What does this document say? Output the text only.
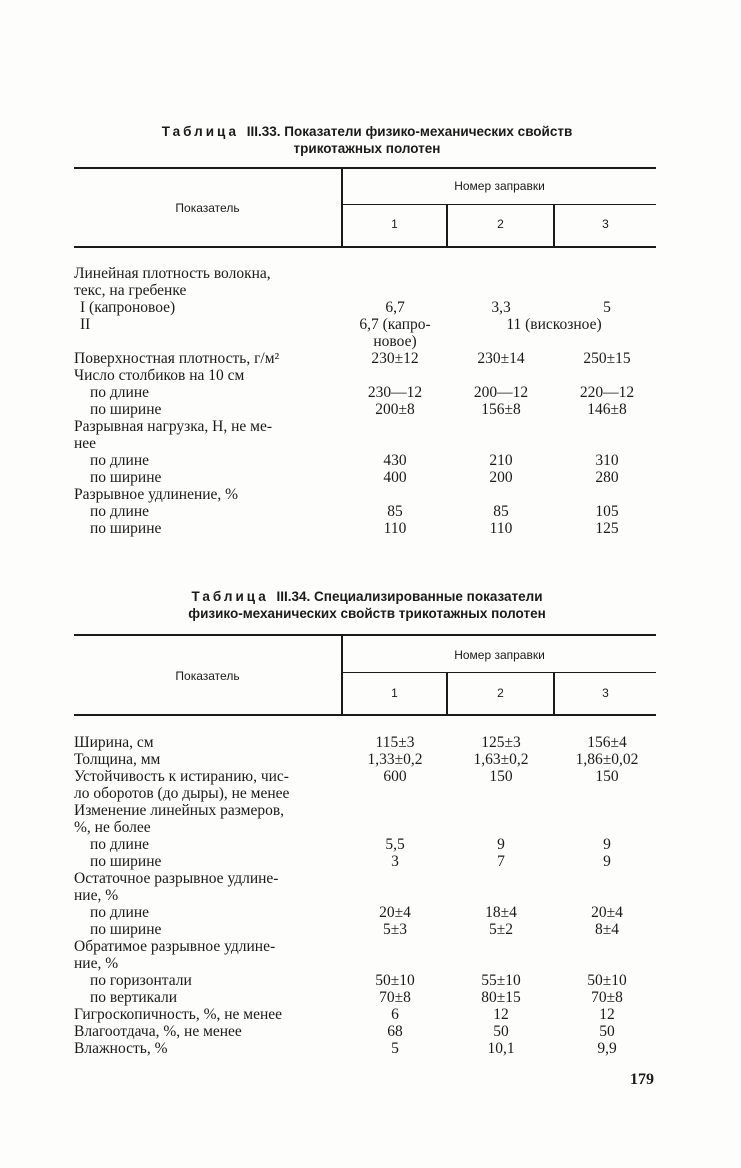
Таблица III.33. Показатели физико-механических свойств
трикотажных полотен
Показатель
Номер заправки
1	2	3
Линейная плотность волокна,
текс, на гребенке
I (капроновое)	6,7	3,3	5
II	6,7 (капро-	11 (вискозное)
новое)
Поверхностная плотность, г/м²	230±12	230±14	250±15
Число столбиков на 10 см
по длине	230—12	200—12	220—12
по ширине	200±8	156±8	146±8
Разрывная нагрузка, Н, не ме-
нее
по длине	430	210	310
по ширине	400	200	280
Разрывное удлинение, %
по длине	85	85	105
по ширине	110	110	125
Таблица III.34. Специализированные показатели
физико-механических свойств трикотажных полотен
Показатель
Номер заправки
1	2	3
Ширина, см	115±3	125±3	156±4
Толщина, мм	1,33±0,2	1,63±0,2	1,86±0,02
Устойчивость к истиранию, чис-	600	150	150
ло оборотов (до дыры), не менее
Изменение линейных размеров,
%, не более
по длине	5,5	9	9
по ширине	3	7	9
Остаточное разрывное удлине-
ние, %
по длине	20±4	18±4	20±4
по ширине	5±3	5±2	8±4
Обратимое разрывное удлине-
ние, %
по горизонтали	50±10	55±10	50±10
по вертикали	70±8	80±15	70±8
Гигроскопичность, %, не менее	6	12	12
Влагоотдача, %, не менее	68	50	50
Влажность, %	5	10,1	9,9
179
